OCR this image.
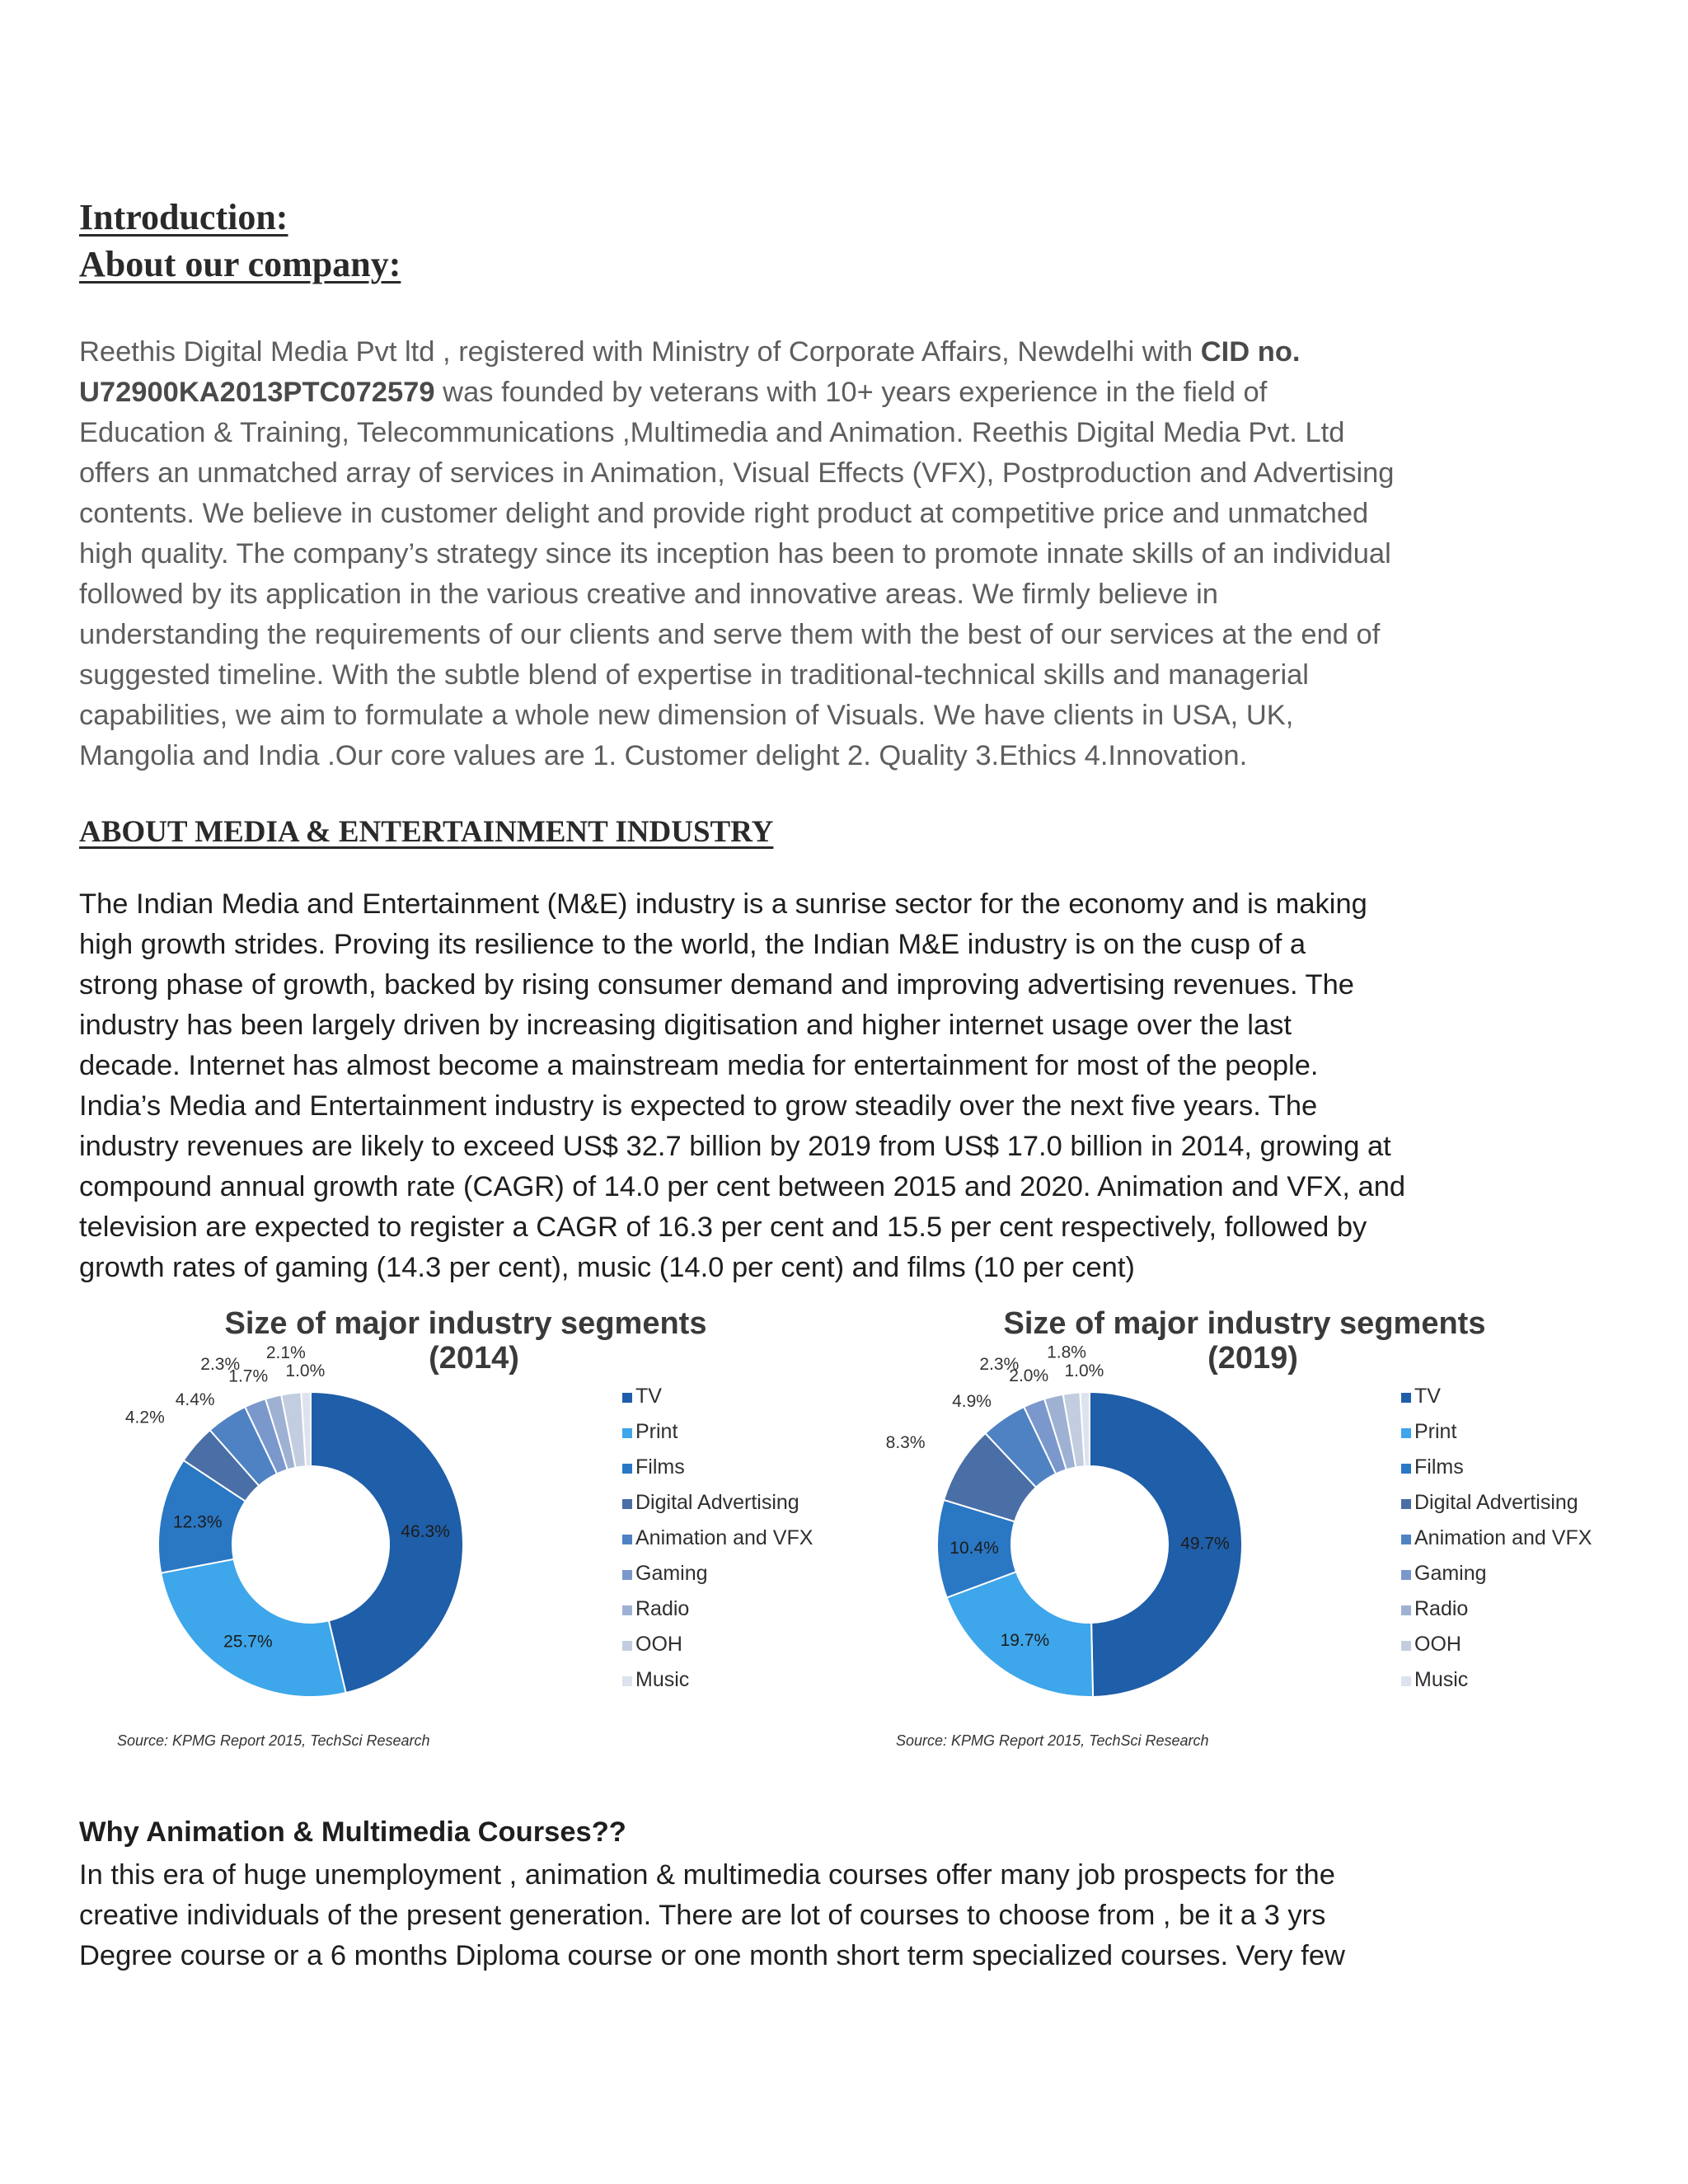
Introduction:
About our company:
Reethis Digital Media Pvt ltd , registered with Ministry of Corporate Affairs, Newdelhi with CID no.
U72900KA2013PTC072579 was founded by veterans with 10+ years experience in the field of
Education & Training, Telecommunications ,Multimedia and Animation. Reethis Digital Media Pvt. Ltd
offers an unmatched array of services in Animation, Visual Effects (VFX), Postproduction and Advertising
contents. We believe in customer delight and provide right product at competitive price and unmatched
high quality. The company’s strategy since its inception has been to promote innate skills of an individual
followed by its application in the various creative and innovative areas. We firmly believe in
understanding the requirements of our clients and serve them with the best of our services at the end of
suggested timeline. With the subtle blend of expertise in traditional-technical skills and managerial
capabilities, we aim to formulate a whole new dimension of Visuals. We have clients in USA, UK,
Mangolia and India .Our core values are 1. Customer delight 2. Quality 3.Ethics 4.Innovation.
ABOUT MEDIA & ENTERTAINMENT INDUSTRY
The Indian Media and Entertainment (M&E) industry is a sunrise sector for the economy and is making
high growth strides. Proving its resilience to the world, the Indian M&E industry is on the cusp of a
strong phase of growth, backed by rising consumer demand and improving advertising revenues. The
industry has been largely driven by increasing digitisation and higher internet usage over the last
decade. Internet has almost become a mainstream media for entertainment for most of the people.
India’s Media and Entertainment industry is expected to grow steadily over the next five years. The
industry revenues are likely to exceed US$ 32.7 billion by 2019 from US$ 17.0 billion in 2014, growing at
compound annual growth rate (CAGR) of 14.0 per cent between 2015 and 2020. Animation and VFX, and
television are expected to register a CAGR of 16.3 per cent and 15.5 per cent respectively, followed by
growth rates of gaming (14.3 per cent), music (14.0 per cent) and films (10 per cent)
Size of major industry segments
(2014)
46.3%
25.7%
12.3%
4.2%
4.4%
2.3%
1.7%
2.1%
1.0%
TV
Print
Films
Digital Advertising
Animation and VFX
Gaming
Radio
OOH
Music
Source: KPMG Report 2015, TechSci Research
Size of major industry segments
(2019)
49.7%
19.7%
10.4%
8.3%
4.9%
2.3%
2.0%
1.8%
1.0%
TV
Print
Films
Digital Advertising
Animation and VFX
Gaming
Radio
OOH
Music
Source: KPMG Report 2015, TechSci Research
Why Animation & Multimedia Courses??
In this era of huge unemployment , animation & multimedia courses offer many job prospects for the
creative individuals of the present generation. There are lot of courses to choose from , be it a 3 yrs
Degree course or a 6 months Diploma course or one month short term specialized courses. Very few
